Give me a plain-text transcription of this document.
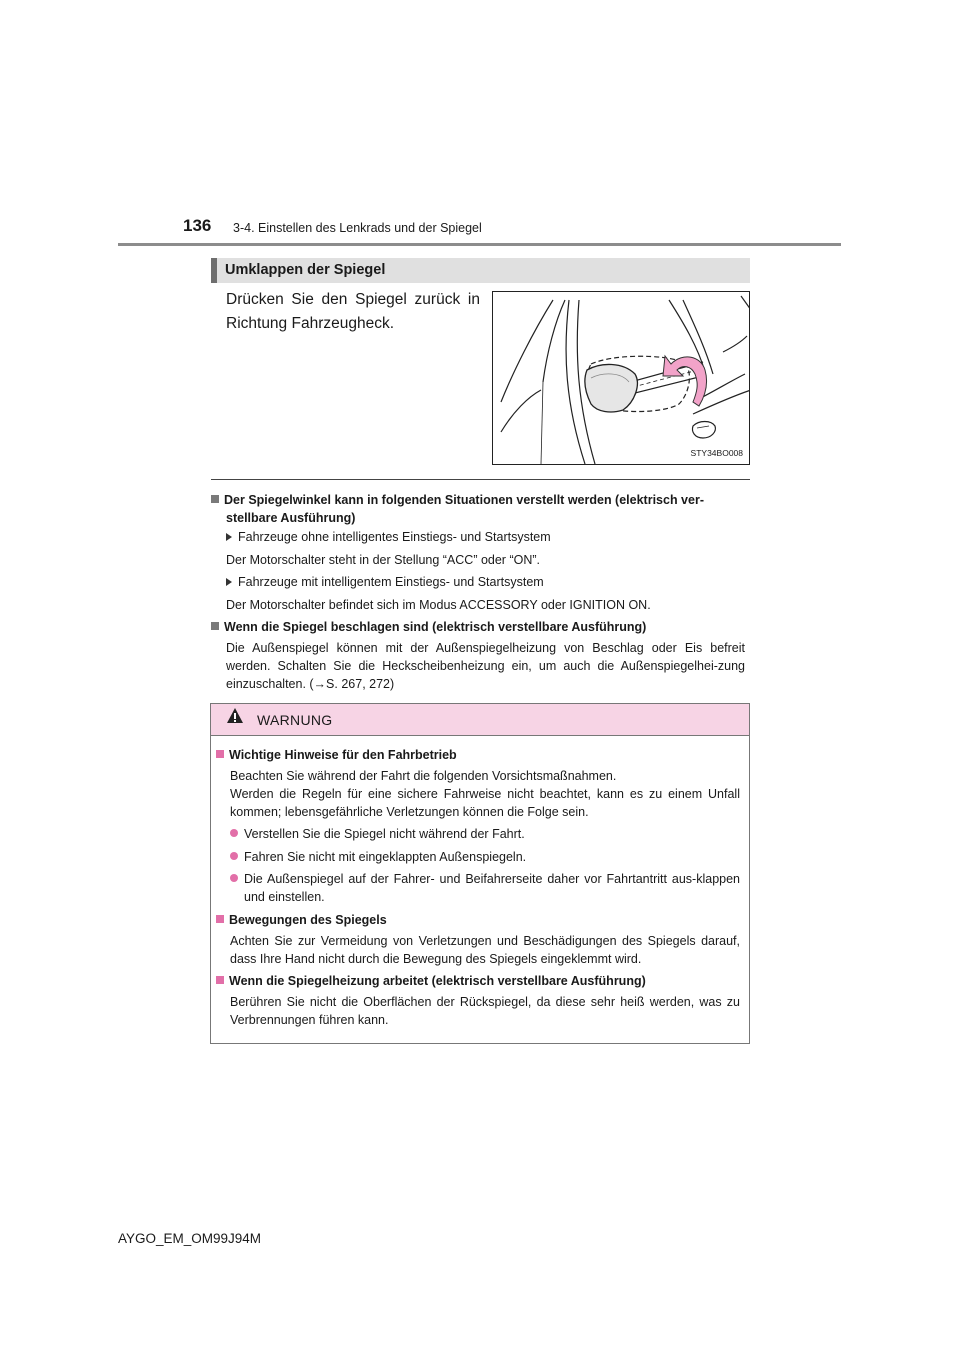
136 3-4. Einstellen des Lenkrads und der Spiegel
Umklappen der Spiegel
Drücken Sie den Spiegel zurück in Richtung Fahrzeugheck.
STY34BO008
Der Spiegelwinkel kann in folgenden Situationen verstellt werden (elektrisch ver-stellbare Ausführung)
Fahrzeuge ohne intelligentes Einstiegs- und Startsystem
Der Motorschalter steht in der Stellung “ACC” oder “ON”.
Fahrzeuge mit intelligentem Einstiegs- und Startsystem
Der Motorschalter befindet sich im Modus ACCESSORY oder IGNITION ON.
Wenn die Spiegel beschlagen sind (elektrisch verstellbare Ausführung)
Die Außenspiegel können mit der Außenspiegelheizung von Beschlag oder Eis befreit werden. Schalten Sie die Heckscheibenheizung ein, um auch die Außenspiegelhei-zung einzuschalten. (→S. 267, 272)
WARNUNG
Wichtige Hinweise für den Fahrbetrieb
Beachten Sie während der Fahrt die folgenden Vorsichtsmaßnahmen.
Werden die Regeln für eine sichere Fahrweise nicht beachtet, kann es zu einem Unfall kommen; lebensgefährliche Verletzungen können die Folge sein.
Verstellen Sie die Spiegel nicht während der Fahrt.
Fahren Sie nicht mit eingeklappten Außenspiegeln.
Die Außenspiegel auf der Fahrer- und Beifahrerseite daher vor Fahrtantritt aus-klappen und einstellen.
Bewegungen des Spiegels
Achten Sie zur Vermeidung von Verletzungen und Beschädigungen des Spiegels darauf, dass Ihre Hand nicht durch die Bewegung des Spiegels eingeklemmt wird.
Wenn die Spiegelheizung arbeitet (elektrisch verstellbare Ausführung)
Berühren Sie nicht die Oberflächen der Rückspiegel, da diese sehr heiß werden, was zu Verbrennungen führen kann.
AYGO_EM_OM99J94M
